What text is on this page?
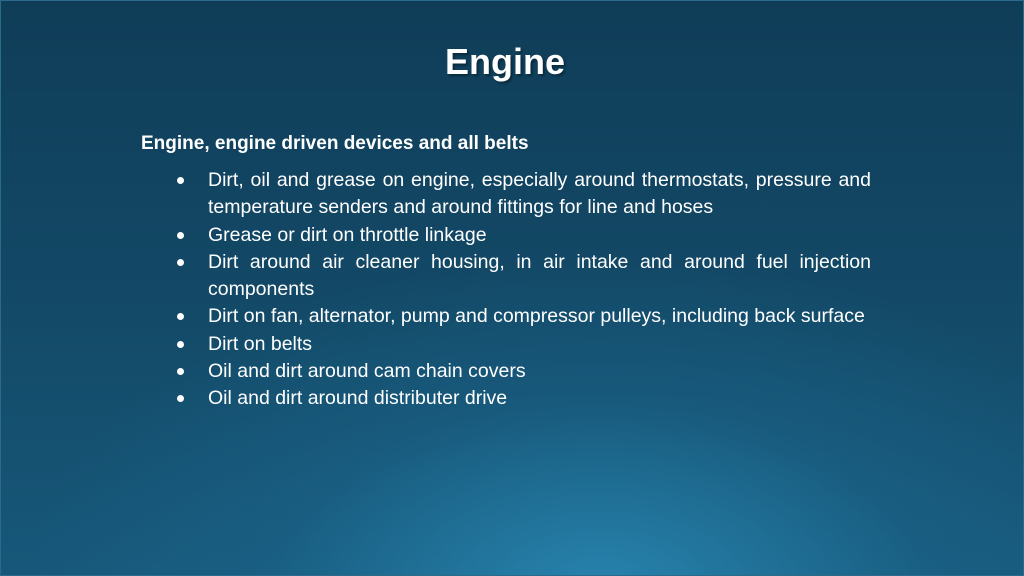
Engine
Engine, engine driven devices and all belts
Dirt, oil and grease on engine, especially around thermostats, pressure and temperature senders and around fittings for line and hoses
Grease or dirt on throttle linkage
Dirt around air cleaner housing, in air intake and around fuel injection components
Dirt on fan, alternator, pump and compressor pulleys, including back surface
Dirt on belts
Oil and dirt around cam chain covers
Oil and dirt around distributer drive
